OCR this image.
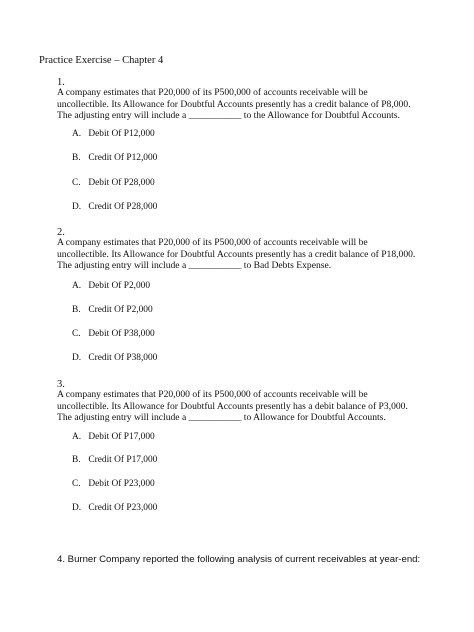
Practice Exercise – Chapter 4
1.
A company estimates that P20,000 of its P500,000 of accounts receivable will be
uncollectible. Its Allowance for Doubtful Accounts presently has a credit balance of P8,000.
The adjusting entry will include a ___________ to the Allowance for Doubtful Accounts.
A. Debit Of P12,000
B. Credit Of P12,000
C. Debit Of P28,000
D. Credit Of P28,000
2.
A company estimates that P20,000 of its P500,000 of accounts receivable will be
uncollectible. Its Allowance for Doubtful Accounts presently has a credit balance of P18,000.
The adjusting entry will include a ___________ to Bad Debts Expense.
A. Debit Of P2,000
B. Credit Of P2,000
C. Debit Of P38,000
D. Credit Of P38,000
3.
A company estimates that P20,000 of its P500,000 of accounts receivable will be
uncollectible. Its Allowance for Doubtful Accounts presently has a debit balance of P3,000.
The adjusting entry will include a ___________ to Allowance for Doubtful Accounts.
A. Debit Of P17,000
B. Credit Of P17,000
C. Debit Of P23,000
D. Credit Of P23,000
4. Burner Company reported the following analysis of current receivables at year-end:
